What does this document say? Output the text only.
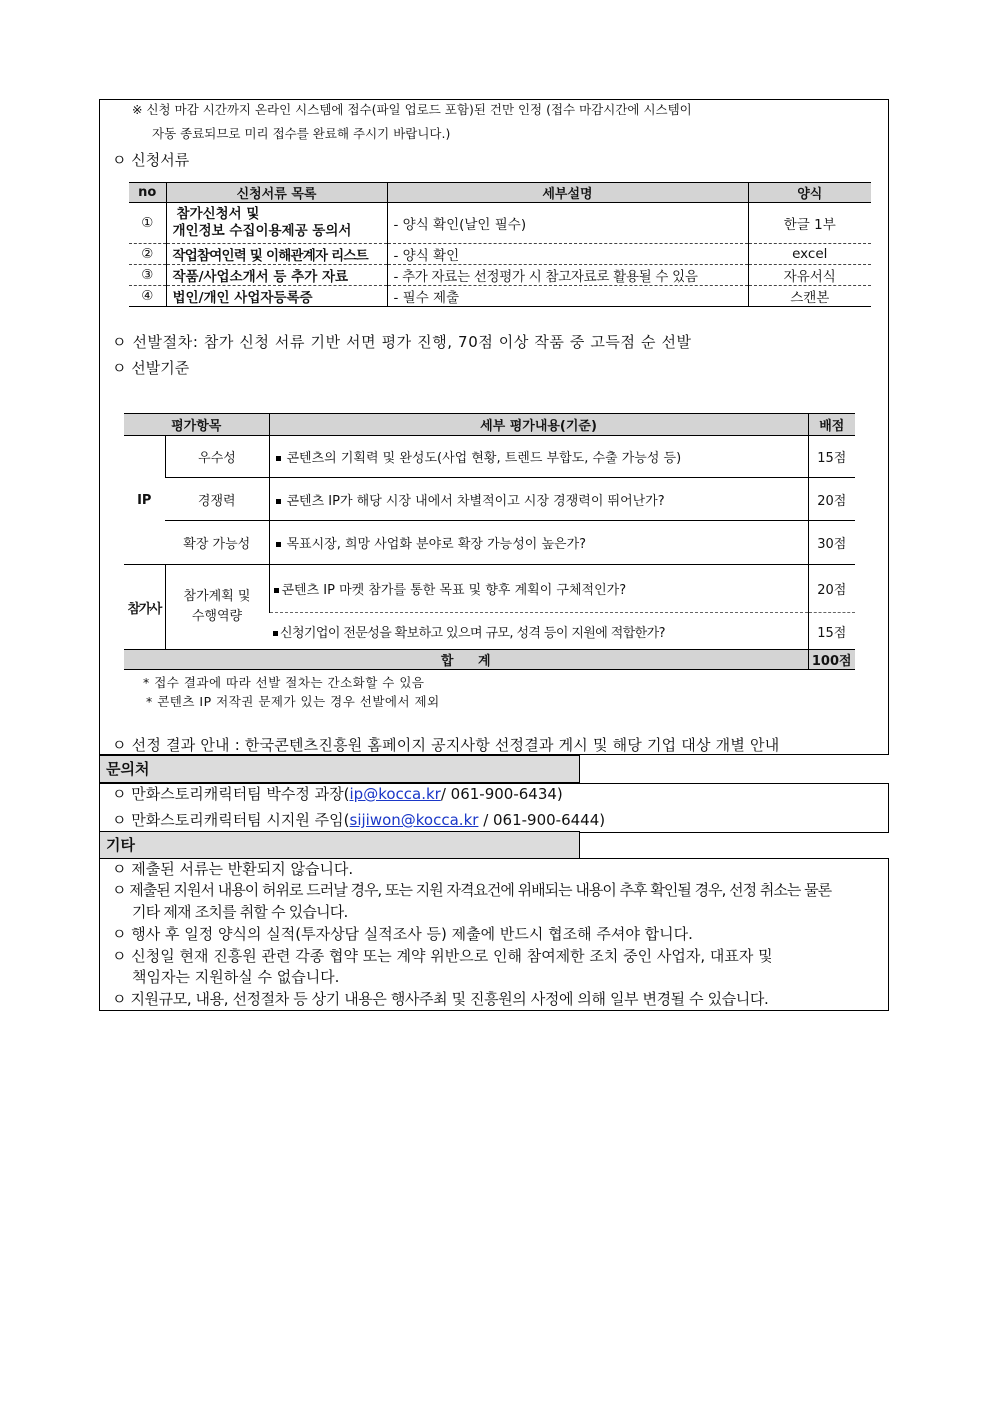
※ 신청 마감 시간까지 온라인 시스템에 접수(파일 업로드 포함)된 건만 인정 (접수 마감시간에 시스템이
자동 종료되므로 미리 접수를 완료해 주시기 바랍니다.)
ㅇ 신청서류
no	신청서류 목록	세부설명	양식
①	참가신청서 및
개인정보 수집이용제공 동의서	- 양식 확인(날인 필수)	한글 1부
②	작업참여인력 및 이해관계자 리스트	- 양식 확인	excel
③	작품/사업소개서 등 추가 자료	- 추가 자료는 선정평가 시 참고자료로 활용될 수 있음	자유서식
④	법인/개인 사업자등록증	- 필수 제출	스캔본
ㅇ 선발절차: 참가 신청 서류 기반 서면 평가 진행, 70점 이상 작품 중 고득점 순 선발
ㅇ 선발기준
평가항목		세부 평가내용(기준)	배점
IP	우수성	콘텐츠의 기획력 및 완성도(사업 현황, 트렌드 부합도, 수출 가능성 등)	15점
	경쟁력	콘텐츠 IP가 해당 시장 내에서 차별적이고 시장 경쟁력이 뛰어난가?	20점
	확장 가능성	목표시장, 희망 사업화 분야로 확장 가능성이 높은가?	30점
참가사	참가계획 및
수행역량	콘텐츠 IP 마켓 참가를 통한 목표 및 향후 계획이 구체적인가?	20점
		신청기업이 전문성을 확보하고 있으며 규모, 성격 등이 지원에 적합한가?	15점
합 계			100점
* 접수 결과에 따라 선발 절차는 간소화할 수 있음
* 콘텐츠 IP 저작권 문제가 있는 경우 선발에서 제외
ㅇ 선정 결과 안내 : 한국콘텐츠진흥원 홈페이지 공지사항 선정결과 게시 및 해당 기업 대상 개별 안내
문의처
ㅇ 만화스토리캐릭터팀 박수정 과장(ip@kocca.kr/ 061-900-6434)
ㅇ 만화스토리캐릭터팀 시지원 주임(sijiwon@kocca.kr / 061-900-6444)
기타
ㅇ 제출된 서류는 반환되지 않습니다.
ㅇ 제출된 지원서 내용이 허위로 드러날 경우, 또는 지원 자격요건에 위배되는 내용이 추후 확인될 경우, 선정 취소는 물론
기타 제재 조치를 취할 수 있습니다.
ㅇ 행사 후 일정 양식의 실적(투자상담 실적조사 등) 제출에 반드시 협조해 주셔야 합니다.
ㅇ 신청일 현재 진흥원 관련 각종 협약 또는 계약 위반으로 인해 참여제한 조치 중인 사업자, 대표자 및
책임자는 지원하실 수 없습니다.
ㅇ 지원규모, 내용, 선정절차 등 상기 내용은 행사주최 및 진흥원의 사정에 의해 일부 변경될 수 있습니다.
